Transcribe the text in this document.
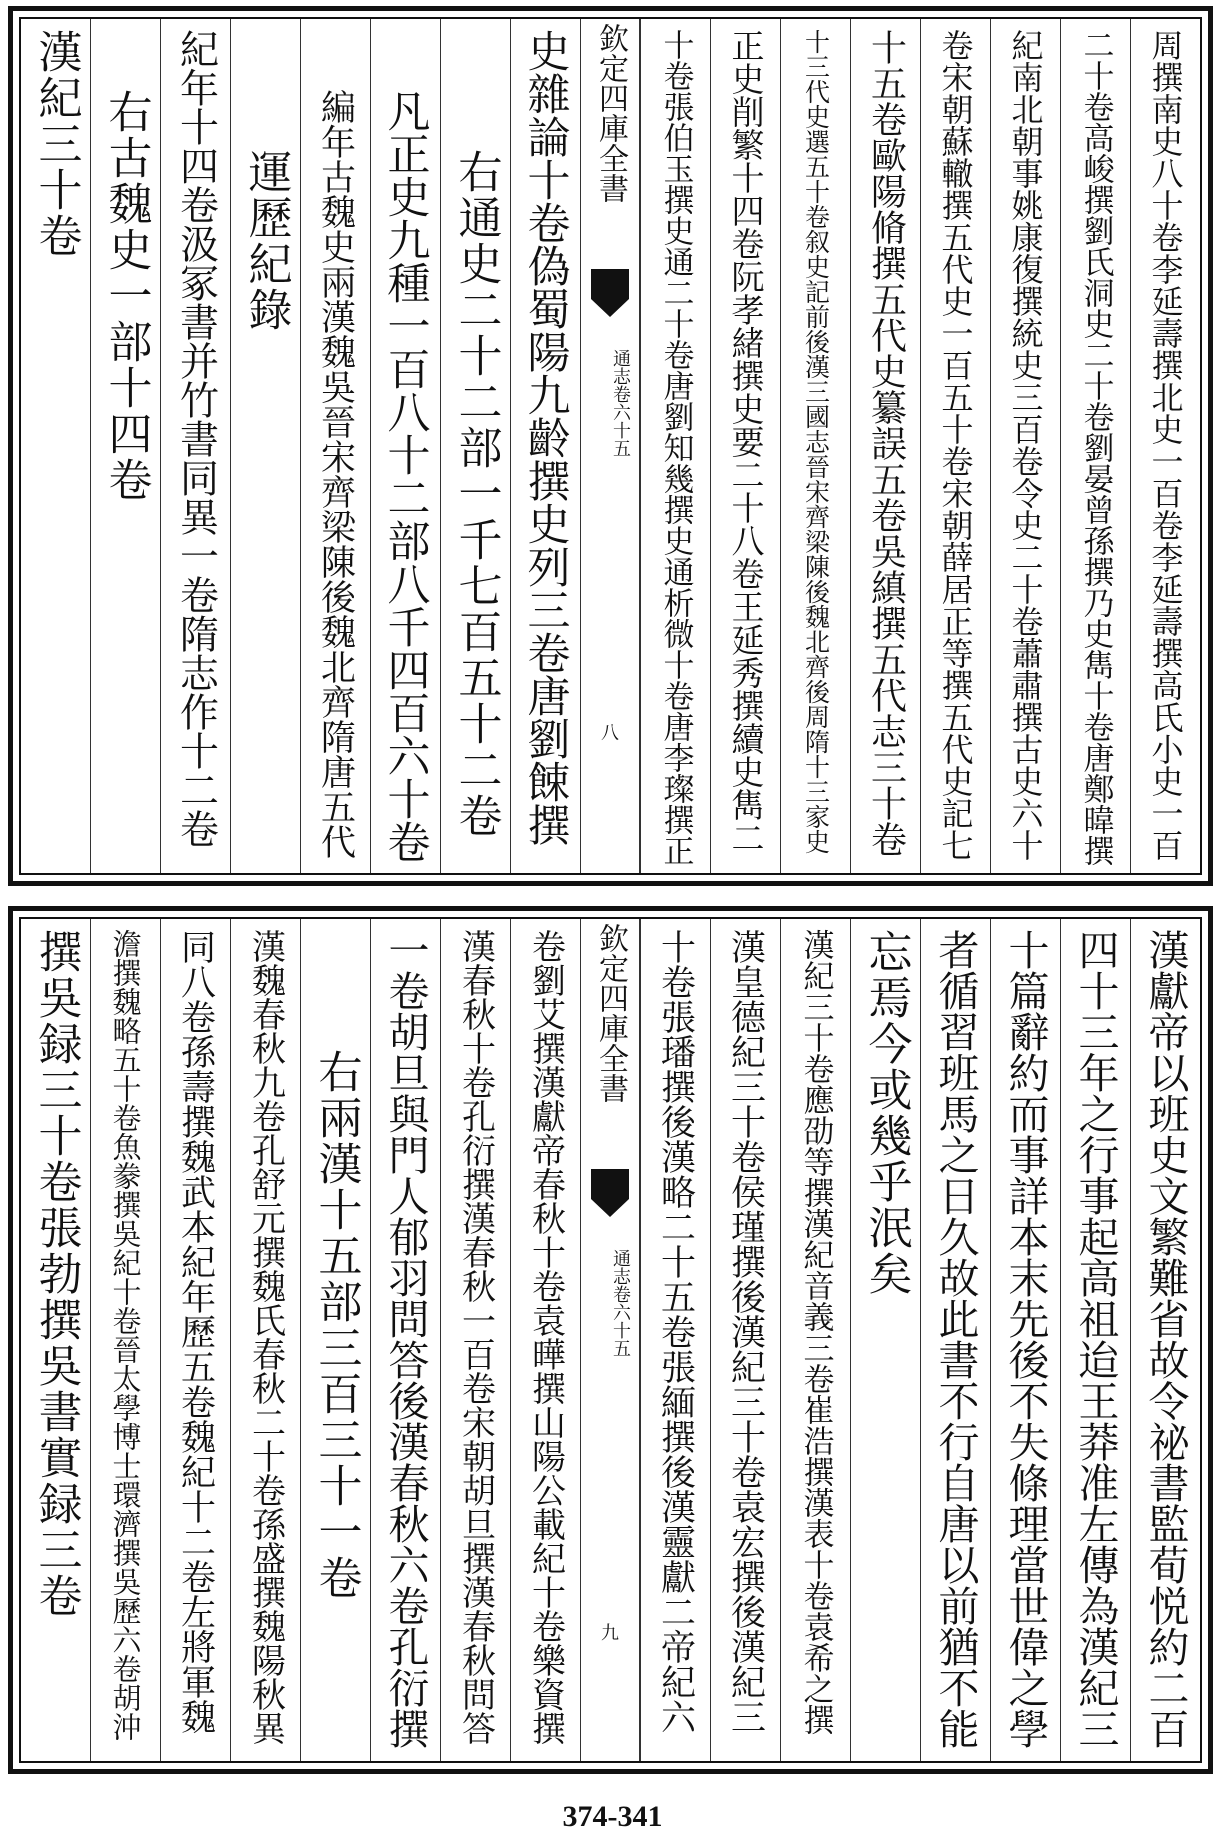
周撰南史八十卷李延壽撰北史一百卷李延壽撰高氏小史一百
二十卷高峻撰劉氏洞史二十卷劉晏曾孫撰乃史雋十卷唐鄭暐撰
紀南北朝事姚康復撰統史三百卷令史二十卷蕭肅撰古史六十
卷宋朝蘇轍撰五代史一百五十卷宋朝薛居正等撰五代史記七
十五卷歐陽脩撰五代史纂誤五卷吳縝撰五代志三十卷
十三代史選五十卷叙史記前後漢三國志晉宋齊梁陳後魏北齊後周隋十三家史
正史削繁十四卷阮孝緒撰史要二十八卷王延秀撰續史雋二
十卷張伯玉撰史通二十卷唐劉知幾撰史通析微十卷唐李璨撰正
欽定四庫全書
通志卷六十五
八
史雜論十卷偽蜀陽九齡撰史列三卷唐劉餗撰
右通史二十二部一千七百五十二卷
凡正史九種一百八十二部八千四百六十卷
編年古魏史兩漢魏吳晉宋齊梁陳後魏北齊隋唐五代
運歷紀錄
紀年十四卷汲冢書并竹書同異一卷隋志作十二卷
右古魏史一部十四卷
漢紀三十卷
漢獻帝以班史文繁難省故令祕書監荀悦約二百
四十三年之行事起高祖迨王莽准左傳為漢紀三
十篇辭約而事詳本末先後不失條理當世偉之學
者循習班馬之日久故此書不行自唐以前猶不能
忘焉今或幾乎泯矣
漢紀三十卷應劭等撰漢紀音義三卷崔浩撰漢表十卷袁希之撰
漢皇德紀三十卷侯瑾撰後漢紀三十卷袁宏撰後漢紀三
十卷張璠撰後漢略二十五卷張緬撰後漢靈獻二帝紀六
欽定四庫全書
通志卷六十五
九
卷劉艾撰漢獻帝春秋十卷袁曄撰山陽公載紀十卷樂資撰
漢春秋十卷孔衍撰漢春秋一百卷宋朝胡旦撰漢春秋問答
一卷胡旦與門人郁羽問答後漢春秋六卷孔衍撰
右兩漢十五部三百三十一卷
漢魏春秋九卷孔舒元撰魏氏春秋二十卷孫盛撰魏陽秋異
同八卷孫壽撰魏武本紀年歷五卷魏紀十二卷左將軍魏
澹撰魏略五十卷魚豢撰吳紀十卷晉太學博士環濟撰吳歷六卷胡沖
撰吳録三十卷張勃撰吳書實録三卷
374-341
